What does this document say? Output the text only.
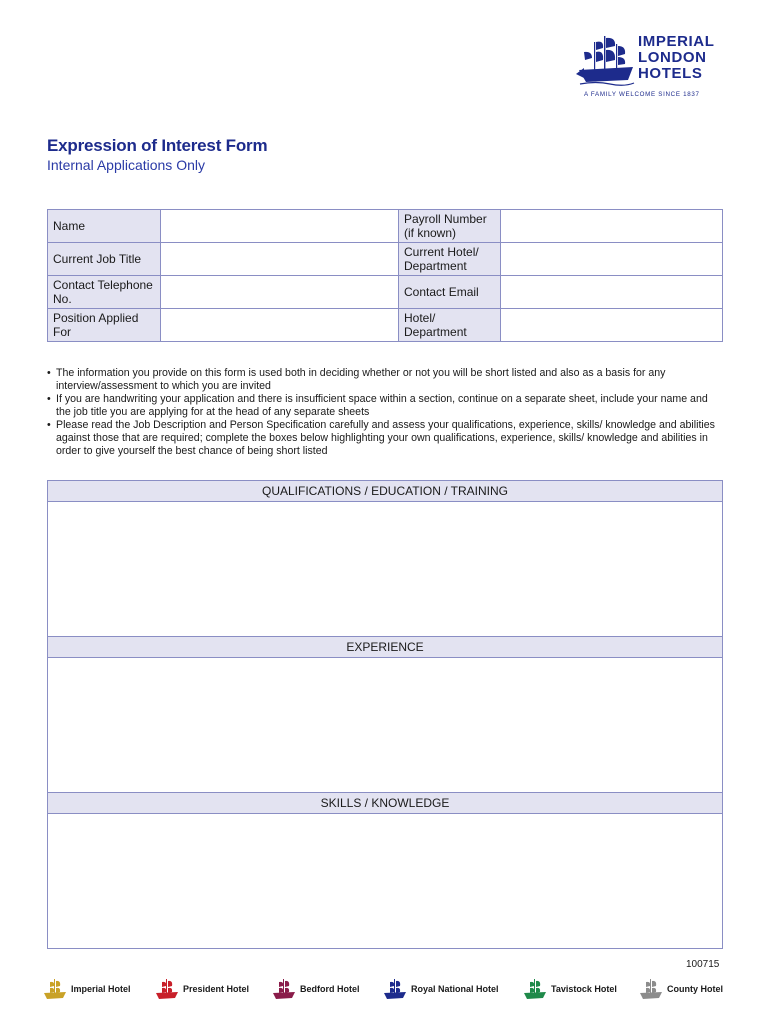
IMPERIAL
LONDON
HOTELS
A FAMILY WELCOME SINCE 1837
Expression of Interest Form
Internal Applications Only
Name		Payroll Number (if known)	
Current Job Title		Current Hotel/ Department	
Contact Telephone No.		Contact Email	
Position Applied For		Hotel/ Department	
• The information you provide on this form is used both in deciding whether or not you will be short listed and also as a basis for any interview/assessment to which you are invited
• If you are handwriting your application and there is insufficient space within a section, continue on a separate sheet, include your name and the job title you are applying for at the head of any separate sheets
• Please read the Job Description and Person Specification carefully and assess your qualifications, experience, skills/ knowledge and abilities against those that are required; complete the boxes below highlighting your own qualifications, experience, skills/ knowledge and abilities in order to give yourself the best chance of being short listed
QUALIFICATIONS / EDUCATION / TRAINING
EXPERIENCE
SKILLS / KNOWLEDGE
100715
Imperial Hotel	President Hotel	Bedford Hotel	Royal National Hotel	Tavistock Hotel	County Hotel
